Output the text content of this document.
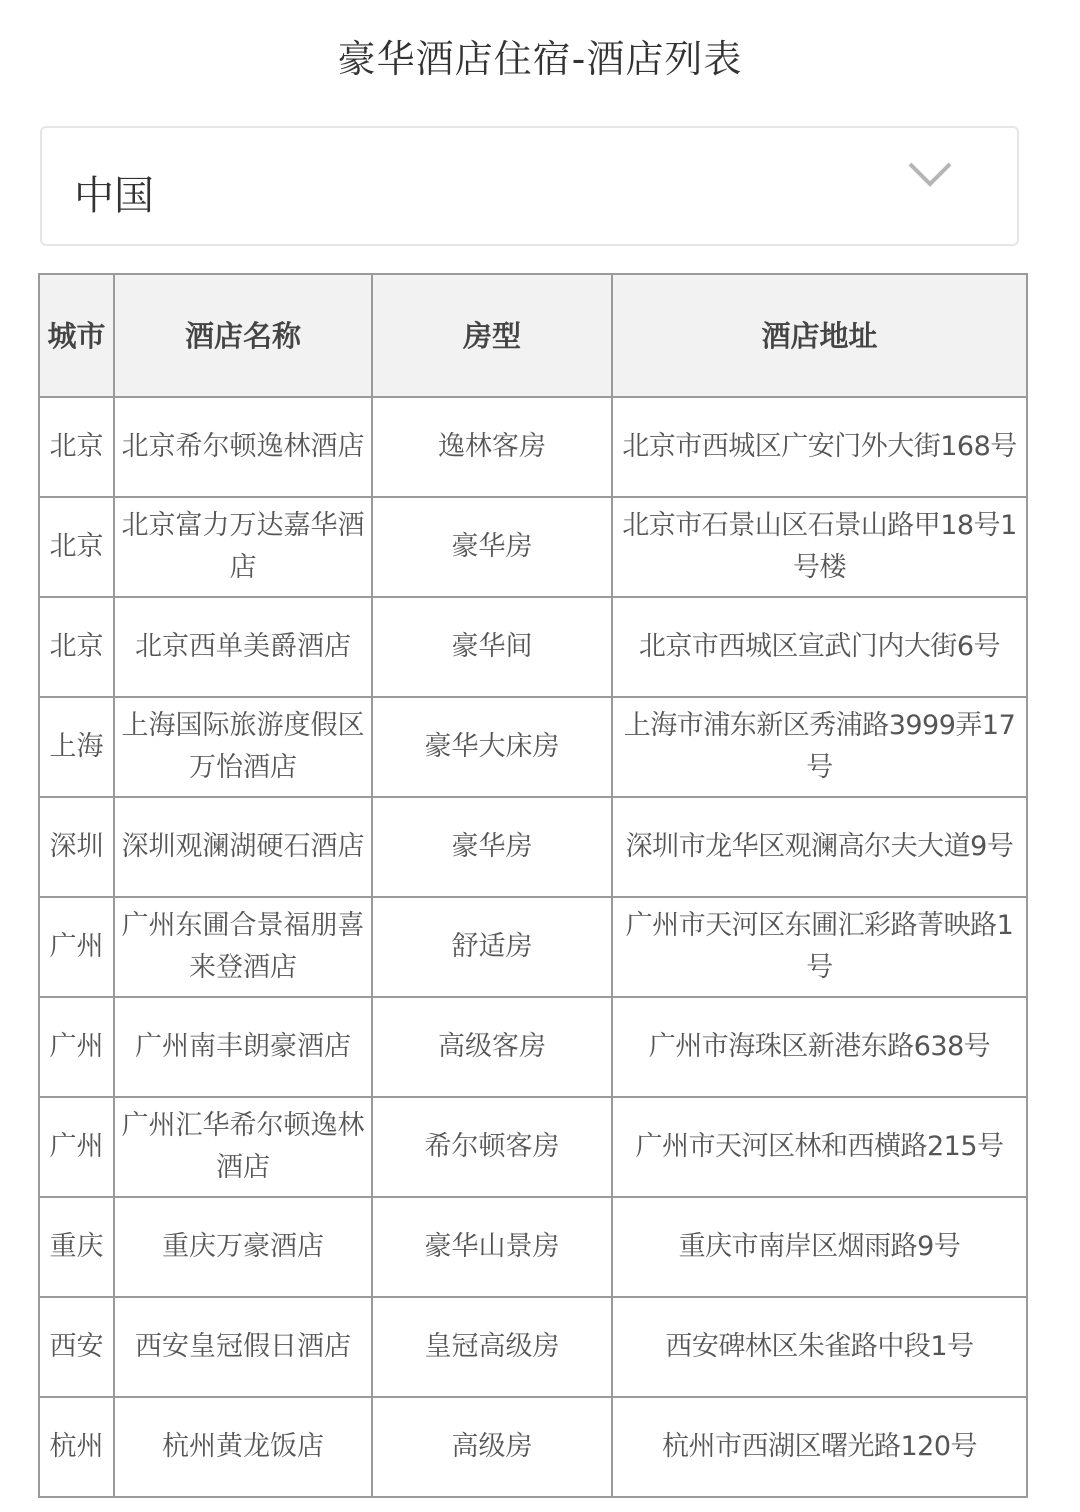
豪华酒店住宿-酒店列表
中国
城市	酒店名称	房型	酒店地址
北京	北京希尔顿逸林酒店	逸林客房	北京市西城区广安门外大街168号
北京	北京富力万达嘉华酒店	豪华房	北京市石景山区石景山路甲18号1号楼
北京	北京西单美爵酒店	豪华间	北京市西城区宣武门内大街6号
上海	上海国际旅游度假区万怡酒店	豪华大床房	上海市浦东新区秀浦路3999弄17号
深圳	深圳观澜湖硬石酒店	豪华房	深圳市龙华区观澜高尔夫大道9号
广州	广州东圃合景福朋喜来登酒店	舒适房	广州市天河区东圃汇彩路菁映路1号
广州	广州南丰朗豪酒店	高级客房	广州市海珠区新港东路638号
广州	广州汇华希尔顿逸林酒店	希尔顿客房	广州市天河区林和西横路215号
重庆	重庆万豪酒店	豪华山景房	重庆市南岸区烟雨路9号
西安	西安皇冠假日酒店	皇冠高级房	西安碑林区朱雀路中段1号
杭州	杭州黄龙饭店	高级房	杭州市西湖区曙光路120号
